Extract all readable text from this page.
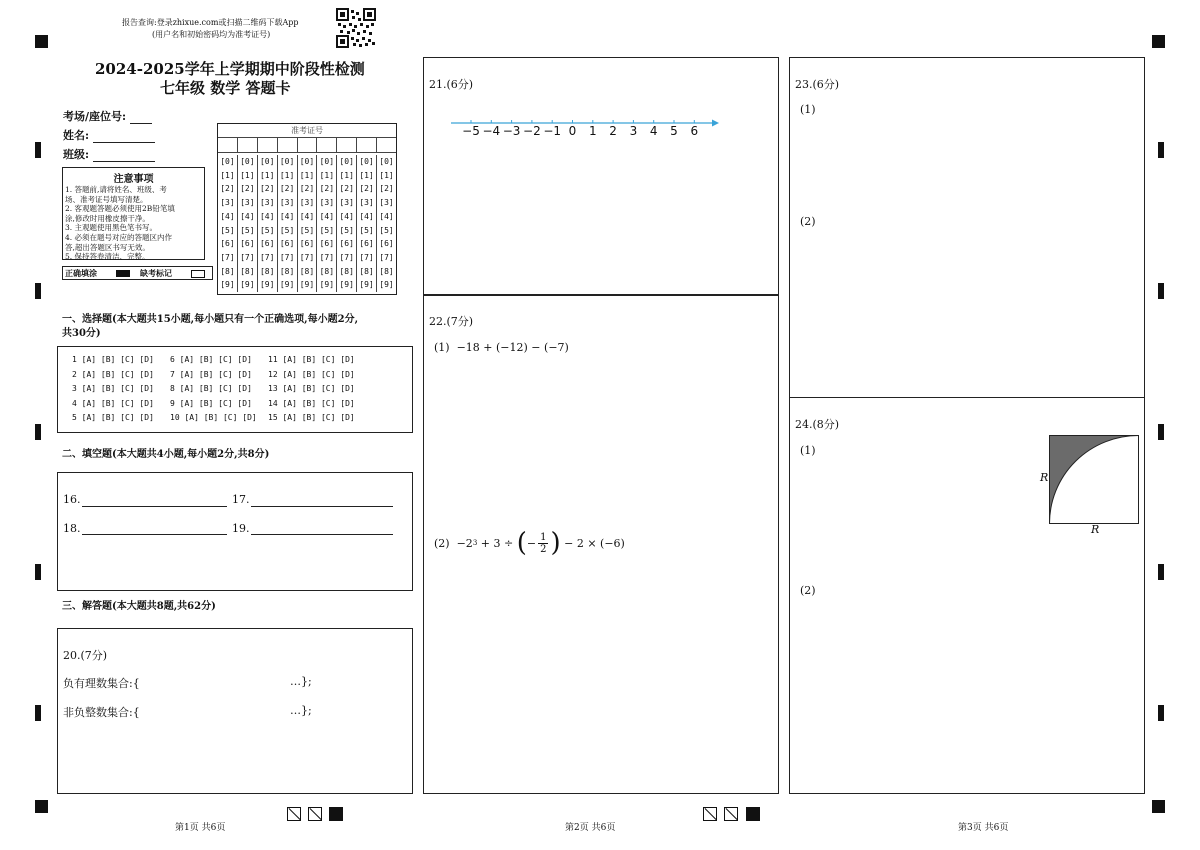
报告查询:登录zhixue.com或扫描二维码下载App
(用户名和初始密码均为准考证号)
2024-2025学年上学期期中阶段性检测
七年级 数学 答题卡
考场/座位号:
姓名:
班级:
注意事项
1. 答题前,请将姓名、班级、考
场、准考证号填写清楚。
2. 客观题答题必须使用2B铅笔填
涂,修改时用橡皮擦干净。
3. 主观题使用黑色笔书写。
4. 必须在题号对应的答题区内作
答,超出答题区书写无效。
5. 保持答卷清洁、完整。
正确填涂	缺考标记
准考证号
[0]	[0]	[0]	[0]	[0]	[0]	[0]	[0]	[0]
[1]	[1]	[1]	[1]	[1]	[1]	[1]	[1]	[1]
[2]	[2]	[2]	[2]	[2]	[2]	[2]	[2]	[2]
[3]	[3]	[3]	[3]	[3]	[3]	[3]	[3]	[3]
[4]	[4]	[4]	[4]	[4]	[4]	[4]	[4]	[4]
[5]	[5]	[5]	[5]	[5]	[5]	[5]	[5]	[5]
[6]	[6]	[6]	[6]	[6]	[6]	[6]	[6]	[6]
[7]	[7]	[7]	[7]	[7]	[7]	[7]	[7]	[7]
[8]	[8]	[8]	[8]	[8]	[8]	[8]	[8]	[8]
[9]	[9]	[9]	[9]	[9]	[9]	[9]	[9]	[9]
一、选择题(本大题共15小题,每小题只有一个正确选项,每小题2分,
共30分)
1 [A] [B] [C] [D]
2 [A] [B] [C] [D]
3 [A] [B] [C] [D]
4 [A] [B] [C] [D]
5 [A] [B] [C] [D]
6 [A] [B] [C] [D]
7 [A] [B] [C] [D]
8 [A] [B] [C] [D]
9 [A] [B] [C] [D]
10 [A] [B] [C] [D]
11 [A] [B] [C] [D]
12 [A] [B] [C] [D]
13 [A] [B] [C] [D]
14 [A] [B] [C] [D]
15 [A] [B] [C] [D]
二、填空题(本大题共4小题,每小题2分,共8分)
16.	17.
18.	19.
三、解答题(本大题共8题,共62分)
20.(7分)
负有理数集合:{	…};
非负整数集合:{	…};
第1页 共6页
21.(6分)
−5 −4 −3 −2 −1 0 1 2 3 4 5 6
22.(7分)
(1) −18 + (−12) − (−7)
(2)
−2 3
+ 3 ÷
( − $\frac{1}{2}$ )
− 2 × (−6)
第2页 共6页
23.(6分)
(1)
(2)
24.(8分)
(1)
(2)
R
R
第3页 共6页
